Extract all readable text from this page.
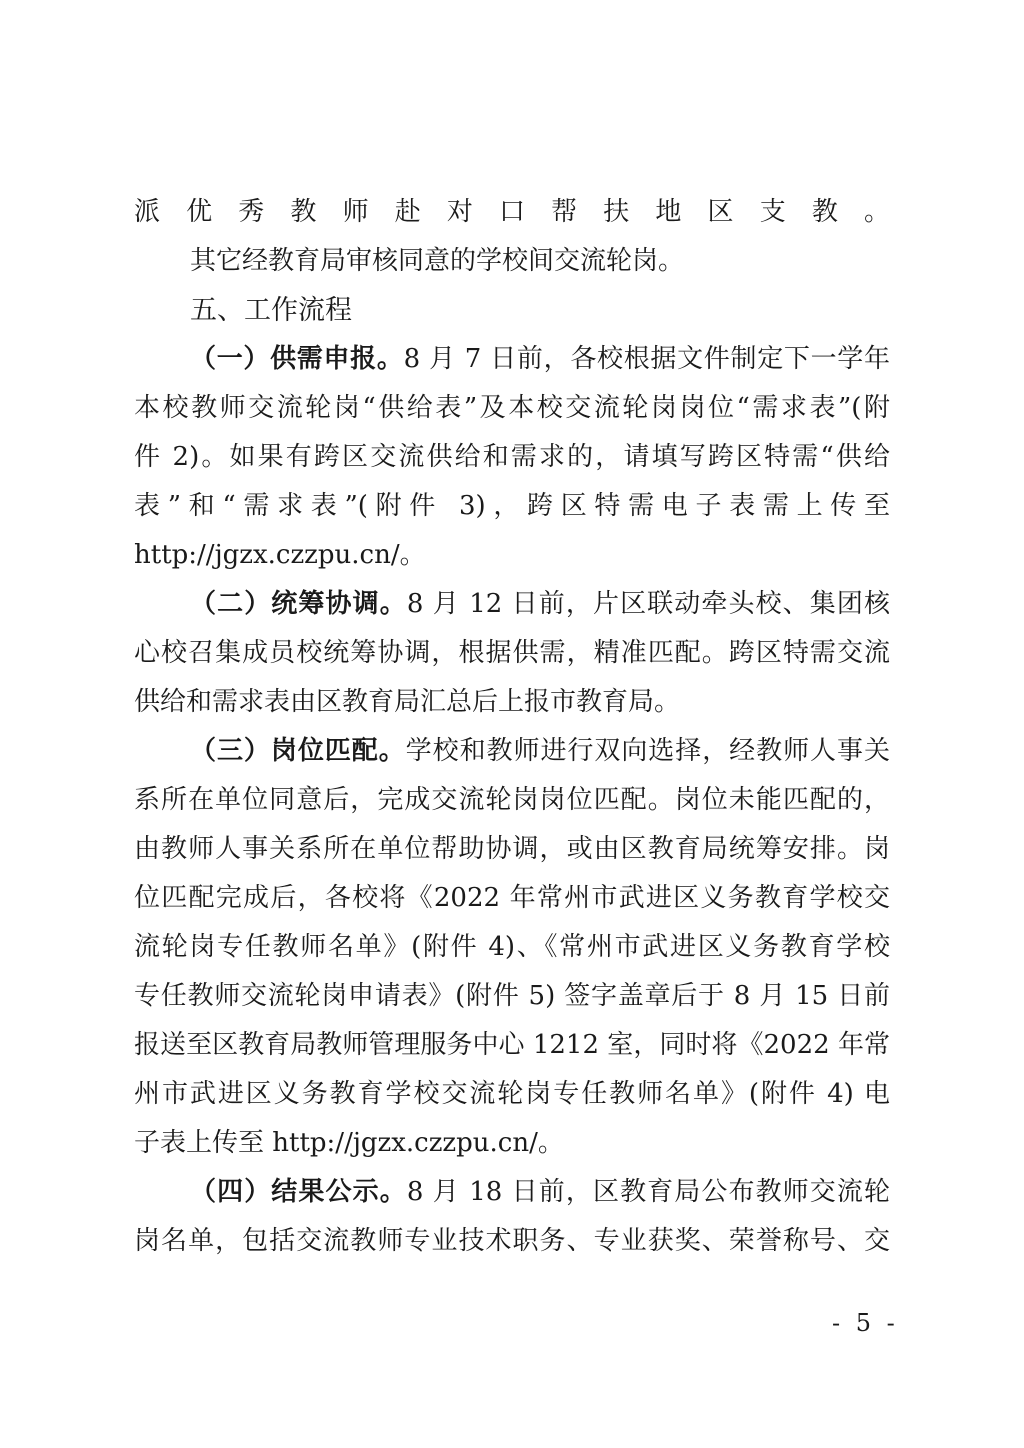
派优秀教师赴对口帮扶地区支教。
其它经教育局审核同意的学校间交流轮岗。
五、工作流程
（一）供需申报。8 月 7 日前，各校根据文件制定下一学年
本校教师交流轮岗“供给表”及本校交流轮岗岗位“需求表”(附
件 2)。如果有跨区交流供给和需求的，请填写跨区特需“供给
表”和“需求表”(附件 3)，跨区特需电子表需上传至
http://jgzx.czzpu.cn/。
（二）统筹协调。8 月 12 日前，片区联动牵头校、集团核
心校召集成员校统筹协调，根据供需，精准匹配。跨区特需交流
供给和需求表由区教育局汇总后上报市教育局。
（三）岗位匹配。学校和教师进行双向选择，经教师人事关
系所在单位同意后，完成交流轮岗岗位匹配。岗位未能匹配的，
由教师人事关系所在单位帮助协调，或由区教育局统筹安排。岗
位匹配完成后，各校将《2022 年常州市武进区义务教育学校交
流轮岗专任教师名单》(附件 4)、《常州市武进区义务教育学校
专任教师交流轮岗申请表》(附件 5) 签字盖章后于 8 月 15 日前
报送至区教育局教师管理服务中心 1212 室，同时将《2022 年常
州市武进区义务教育学校交流轮岗专任教师名单》(附件 4) 电
子表上传至 http://jgzx.czzpu.cn/。
（四）结果公示。8 月 18 日前，区教育局公布教师交流轮
岗名单，包括交流教师专业技术职务、专业获奖、荣誉称号、交
- 5 -
